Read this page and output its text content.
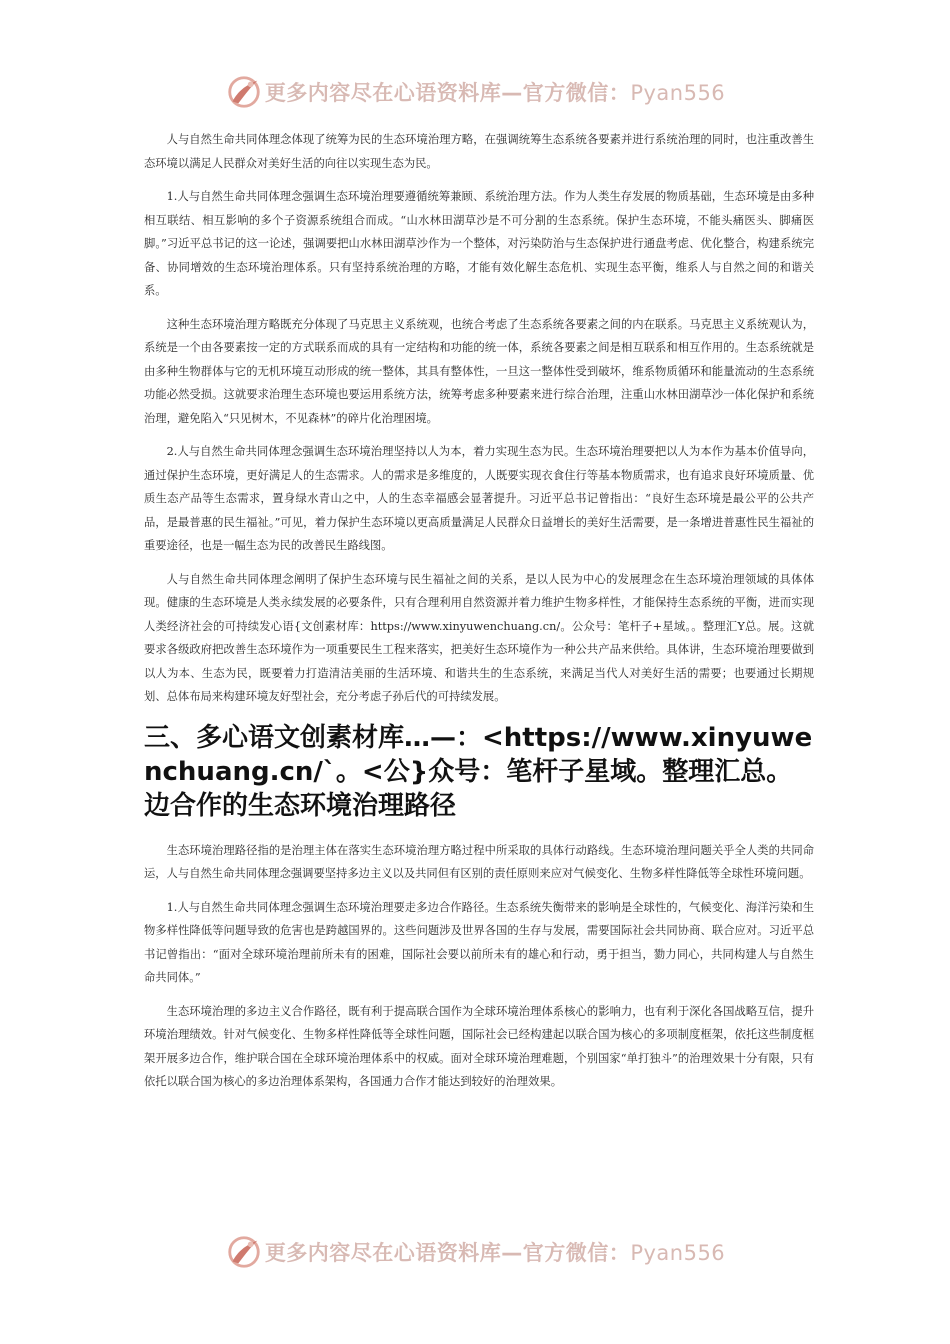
更多内容尽在心语资料库—官方微信：Pyan556

人与自然生命共同体理念体现了统筹为民的生态环境治理方略，在强调统筹生态系统各要素并进行系统治理的同时，也注重改善生态环境以满足人民群众对美好生活的向往以实现生态为民。

1.人与自然生命共同体理念强调生态环境治理要遵循统筹兼顾、系统治理方法。作为人类生存发展的物质基础，生态环境是由多种相互联结、相互影响的多个子资源系统组合而成。“山水林田湖草沙是不可分割的生态系统。保护生态环境，不能头痛医头、脚痛医脚。”习近平总书记的这一论述，强调要把山水林田湖草沙作为一个整体，对污染防治与生态保护进行通盘考虑、优化整合，构建系统完备、协同增效的生态环境治理体系。只有坚持系统治理的方略，才能有效化解生态危机、实现生态平衡，维系人与自然之间的和谐关系。

这种生态环境治理方略既充分体现了马克思主义系统观，也统合考虑了生态系统各要素之间的内在联系。马克思主义系统观认为，系统是一个由各要素按一定的方式联系而成的具有一定结构和功能的统一体，系统各要素之间是相互联系和相互作用的。生态系统就是由多种生物群体与它的无机环境互动形成的统一整体，其具有整体性，一旦这一整体性受到破坏，维系物质循环和能量流动的生态系统功能必然受损。这就要求治理生态环境也要运用系统方法，统筹考虑多种要素来进行综合治理，注重山水林田湖草沙一体化保护和系统治理，避免陷入“只见树木，不见森林”的碎片化治理困境。

2.人与自然生命共同体理念强调生态环境治理坚持以人为本，着力实现生态为民。生态环境治理要把以人为本作为基本价值导向，通过保护生态环境，更好满足人的生态需求。人的需求是多维度的，人既要实现衣食住行等基本物质需求，也有追求良好环境质量、优质生态产品等生态需求，置身绿水青山之中，人的生态幸福感会显著提升。习近平总书记曾指出：“良好生态环境是最公平的公共产品，是最普惠的民生福祉。”可见，着力保护生态环境以更高质量满足人民群众日益增长的美好生活需要，是一条增进普惠性民生福祉的重要途径，也是一幅生态为民的改善民生路线图。

人与自然生命共同体理念阐明了保护生态环境与民生福祉之间的关系，是以人民为中心的发展理念在生态环境治理领域的具体体现。健康的生态环境是人类永续发展的必要条件，只有合理利用自然资源并着力维护生物多样性，才能保持生态系统的平衡，进而实现人类经济社会的可持续发心语{文创素材库：https://www.xinyuwenchuang.cn/。公众号：笔杆子+星域。。整理汇Y总。展。这就要求各级政府把改善生态环境作为一项重要民生工程来落实，把美好生态环境作为一种公共产品来供给。具体讲，生态环境治理要做到以人为本、生态为民，既要着力打造清洁美丽的生活环境、和谐共生的生态系统，来满足当代人对美好生活的需要；也要通过长期规划、总体布局来构建环境友好型社会，充分考虑子孙后代的可持续发展。

三、多心语文创素材库…—：<https://www.xinyuwenchuang.cn/`。<公}众号：笔杆子星域。整理汇总。边合作的生态环境治理路径

生态环境治理路径指的是治理主体在落实生态环境治理方略过程中所采取的具体行动路线。生态环境治理问题关乎全人类的共同命运，人与自然生命共同体理念强调要坚持多边主义以及共同但有区别的责任原则来应对气候变化、生物多样性降低等全球性环境问题。

1.人与自然生命共同体理念强调生态环境治理要走多边合作路径。生态系统失衡带来的影响是全球性的，气候变化、海洋污染和生物多样性降低等问题导致的危害也是跨越国界的。这些问题涉及世界各国的生存与发展，需要国际社会共同协商、联合应对。习近平总书记曾指出：“面对全球环境治理前所未有的困难，国际社会要以前所未有的雄心和行动，勇于担当，勠力同心，共同构建人与自然生命共同体。”

生态环境治理的多边主义合作路径，既有利于提高联合国作为全球环境治理体系核心的影响力，也有利于深化各国战略互信，提升环境治理绩效。针对气候变化、生物多样性降低等全球性问题，国际社会已经构建起以联合国为核心的多项制度框架，依托这些制度框架开展多边合作，维护联合国在全球环境治理体系中的权威。面对全球环境治理难题，个别国家“单打独斗”的治理效果十分有限，只有依托以联合国为核心的多边治理体系架构，各国通力合作才能达到较好的治理效果。

更多内容尽在心语资料库—官方微信：Pyan556
